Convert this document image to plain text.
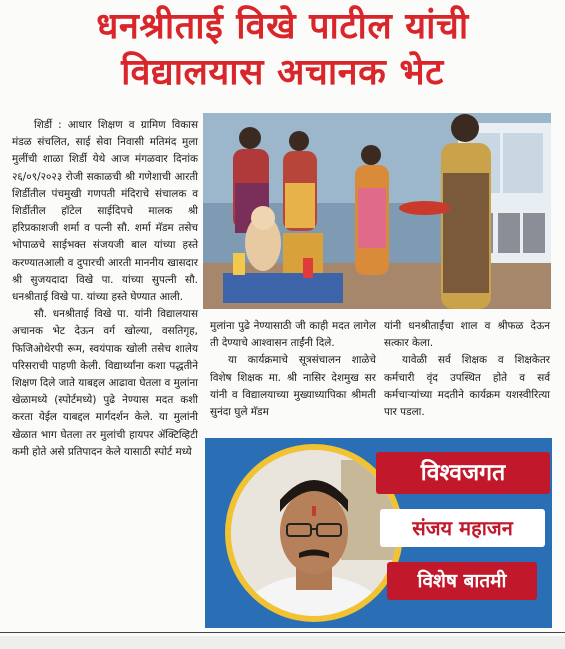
धनश्रीताई विखे पाटील यांची
विद्यालयास अचानक भेट

शिर्डी : आधार शिक्षण व ग्रामिण विकास मंडळ संचलित, साई सेवा निवासी मतिमंद मुला मुलींची शाळा शिर्डी येथे आज मंगळवार दिनांक २६/०९/२०२३ रोजी सकाळची श्री गणेशाची आरती शिर्डीतील पंचमुखी गणपती मंदिराचे संचालक व शिर्डीतील हॉटेल साईदिपचे मालक श्री हरिप्रकाशजी शर्मा व पत्नी सौ. शर्मा मॅडम तसेच भोपाळचे साईभक्त संजयजी बाल यांच्या हस्ते करण्यातआली व दुपारची आरती माननीय खासदार श्री सुजयदादा विखे पा. यांच्या सुपत्नी सौ. धनश्रीताई विखे पा. यांच्या हस्ते घेण्यात आली.

सौ. धनश्रीताई विखे पा. यांनी विद्यालयास अचानक भेट देऊन वर्ग खोल्या, वसतिगृह, फिजिओथेरपी रूम, स्वयंपाक खोली तसेच शालेय परिसराची पाहणी केली. विद्यार्थ्यांना कशा पद्धतीने शिक्षण दिले जाते याबद्दल आढावा घेतला व मुलांना खेळामध्ये (स्पोर्टमध्ये) पुढे नेण्यास मदत कशी करता येईल याबद्दल मार्गदर्शन केले. या मुलांनी खेळात भाग घेतला तर मुलांची हायपर ॲक्टिव्हिटी कमी होते असे प्रतिपादन केले यासाठी स्पोर्ट मध्ये

मुलांना पुढे नेण्यासाठी जी काही मदत लागेल ती देण्याचे आश्वासन ताईंनी दिले.

या कार्यक्रमाचे सूत्रसंचालन शाळेचे विशेष शिक्षक मा. श्री नासिर देशमुख सर यांनी व विद्यालयाच्या मुख्याध्यापिका श्रीमती सुनंदा घुले मॅडम

यांनी धनश्रीताईंचा शाल व श्रीफळ देऊन सत्कार केला.

यावेळी सर्व शिक्षक व शिक्षकेतर कर्मचारी वृंद उपस्थित होते व सर्व कर्मचाऱ्यांच्या मदतीने कार्यक्रम यशस्वीरित्या पार पडला.

विश्वजगत
संजय महाजन
विशेष बातमी
